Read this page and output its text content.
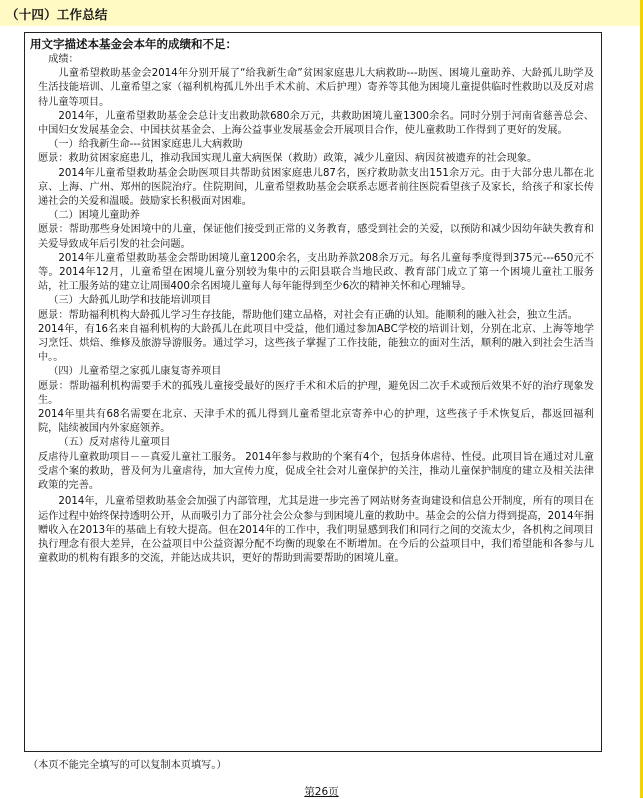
（十四）工作总结
用文字描述本基金会本年的成绩和不足：

成绩：

儿童希望救助基金会2014年分别开展了“给我新生命”贫困家庭患儿大病救助---助医、困境儿童助养、大龄孤儿助学及生活技能培训、儿童希望之家（福利机构孤儿外出手术术前、术后护理）寄养等其他为困境儿童提供临时性救助以及反对虐待儿童等项目。

2014年，儿童希望救助基金会总计支出救助款680余万元，共救助困境儿童1300余名。同时分别于河南省慈善总会、中国妇女发展基金会、中国扶贫基金会、上海公益事业发展基金会开展项目合作，使儿童救助工作得到了更好的发展。

（一）给我新生命---贫困家庭患儿大病救助

愿景：救助贫困家庭患儿，推动我国实现儿童大病医保（救助）政策，减少儿童因、病因贫被遗弃的社会现象。

2014年儿童希望救助基金会助医项目共帮助贫困家庭患儿87名，医疗救助款支出151余万元。由于大部分患儿都在北京、上海、广州、郑州的医院治疗。住院期间，儿童希望救助基金会联系志愿者前往医院看望孩子及家长，给孩子和家长传递社会的关爱和温暖。鼓励家长积极面对困难。

（二）困境儿童助养

愿景：帮助那些身处困境中的儿童，保证他们接受到正常的义务教育，感受到社会的关爱，以预防和减少因幼年缺失教育和关爱导致成年后引发的社会问题。

2014年儿童希望救助基金会帮助困境儿童1200余名，支出助养款208余万元。每名儿童每季度得到375元---650元不等。2014年12月，儿童希望在困境儿童分别较为集中的云阳县联合当地民政、教育部门成立了第一个困境儿童社工服务站，社工服务站的建立让周围400余名困境儿童每人每年能得到至少6次的精神关怀和心理辅导。

（三）大龄孤儿助学和技能培训项目

愿景：帮助福利机构大龄孤儿学习生存技能，帮助他们建立品格，对社会有正确的认知。能顺利的融入社会，独立生活。

2014年，有16名来自福利机构的大龄孤儿在此项目中受益，他们通过参加ABC学校的培训计划，分别在北京、上海等地学习烹饪、烘焙、维修及旅游导游服务。通过学习，这些孩子掌握了工作技能，能独立的面对生活，顺利的融入到社会生活当中。。

（四）儿童希望之家孤儿康复寄养项目

愿景：帮助福利机构需要手术的孤残儿童接受最好的医疗手术和术后的护理，避免因二次手术或预后效果不好的治疗现象发生。

2014年里共有68名需要在北京、天津手术的孤儿得到儿童希望北京寄养中心的护理，这些孩子手术恢复后，都返回福利院，陆续被国内外家庭领养。

（五）反对虐待儿童项目

反虐待儿童救助项目－－真爱儿童社工服务。 2014年参与救助的个案有4个，包括身体虐待、性侵。此项目旨在通过对儿童受虐个案的救助，普及何为儿童虐待，加大宣传力度，促成全社会对儿童保护的关注，推动儿童保护制度的建立及相关法律政策的完善。

2014年，儿童希望救助基金会加强了内部管理，尤其是进一步完善了网站财务查询建设和信息公开制度，所有的项目在运作过程中始终保持透明公开，从而吸引力了部分社会公众参与到困境儿童的救助中。基金会的公信力得到提高，2014年捐赠收入在2013年的基础上有较大提高。但在2014年的工作中，我们明显感到我们和同行之间的交流太少，各机构之间项目执行理念有很大差异，在公益项目中公益资源分配不均衡的现象在不断增加。在今后的公益项目中，我们希望能和各参与儿童救助的机构有跟多的交流，并能达成共识，更好的帮助到需要帮助的困境儿童。

（本页不能完全填写的可以复制本页填写。）
第26页
